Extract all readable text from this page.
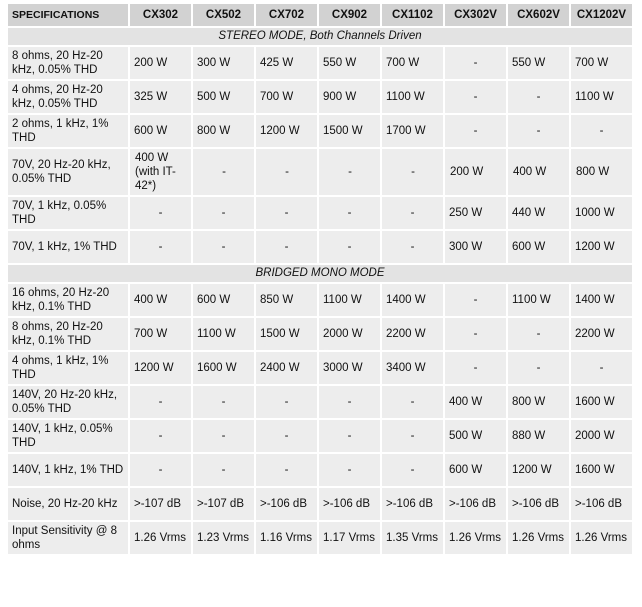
SPECIFICATIONS	CX302	CX502	CX702	CX902	CX1102	CX302V	CX602V	CX1202V
STEREO MODE, Both Channels Driven								
8 ohms, 20 Hz-20 kHz, 0.05% THD	200 W	300 W	425 W	550 W	700 W	-	550 W	700 W
4 ohms, 20 Hz-20 kHz, 0.05% THD	325 W	500 W	700 W	900 W	1100 W	-	-	1100 W
2 ohms, 1 kHz, 1% THD	600 W	800 W	1200 W	1500 W	1700 W	-	-	-
70V, 20 Hz-20 kHz, 0.05% THD	400 W (with IT-42*)	-	-	-	-	200 W	400 W	800 W
70V, 1 kHz, 0.05% THD	-	-	-	-	-	250 W	440 W	1000 W
70V, 1 kHz, 1% THD	-	-	-	-	-	300 W	600 W	1200 W
BRIDGED MONO MODE								
16 ohms, 20 Hz-20 kHz, 0.1% THD	400 W	600 W	850 W	1100 W	1400 W	-	1100 W	1400 W
8 ohms, 20 Hz-20 kHz, 0.1% THD	700 W	1100 W	1500 W	2000 W	2200 W	-	-	2200 W
4 ohms, 1 kHz, 1% THD	1200 W	1600 W	2400 W	3000 W	3400 W	-	-	-
140V, 20 Hz-20 kHz, 0.05% THD	-	-	-	-	-	400 W	800 W	1600 W
140V, 1 kHz, 0.05% THD	-	-	-	-	-	500 W	880 W	2000 W
140V, 1 kHz, 1% THD	-	-	-	-	-	600 W	1200 W	1600 W
Noise, 20 Hz-20 kHz	>-107 dB	>-107 dB	>-106 dB	>-106 dB	>-106 dB	>-106 dB	>-106 dB	>-106 dB
Input Sensitivity @ 8 ohms	1.26 Vrms	1.23 Vrms	1.16 Vrms	1.17 Vrms	1.35 Vrms	1.26 Vrms	1.26 Vrms	1.26 Vrms
